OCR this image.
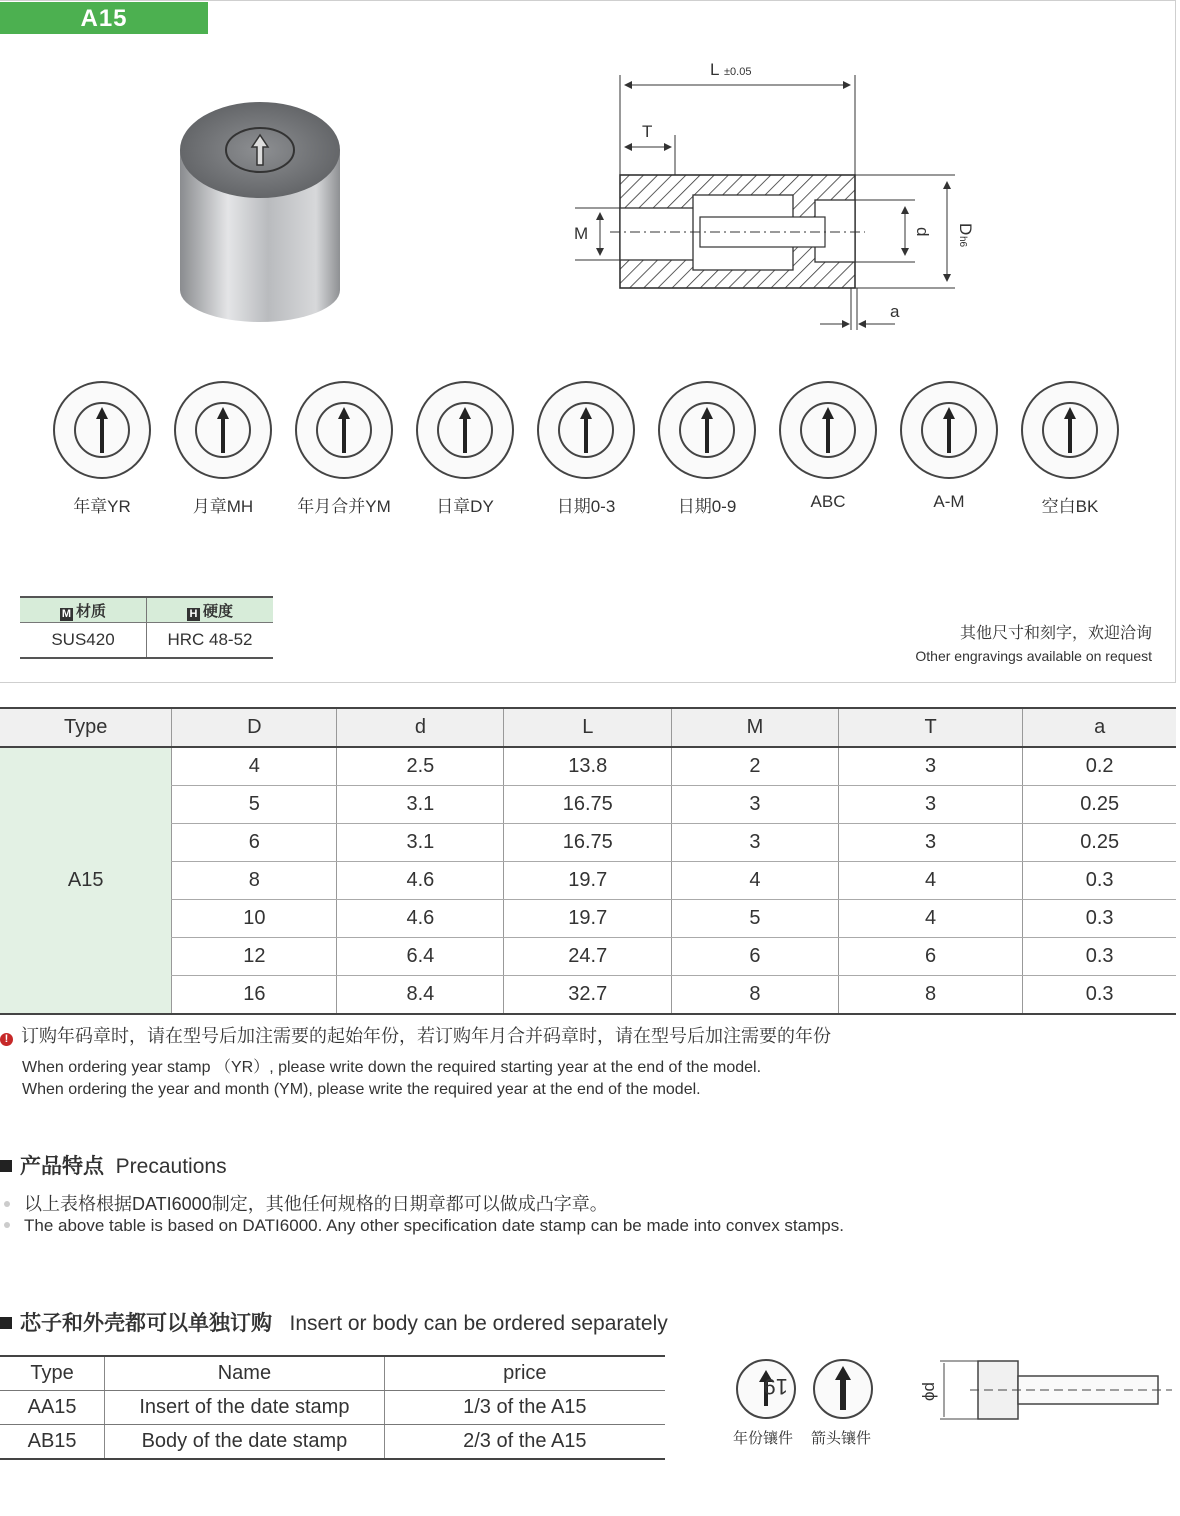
A15
L ±0.05
T
M
a
d D
h6
年章YR	月章MH	年月合并YM	日章DY	日期0-3	日期0-9	ABC	A-M	空白BK
M 材质	H 硬度
SUS420	HRC 48-52	其他尺寸和刻字，欢迎洽询
Other engravings available on request
Type	D	d	L	M	T	a
A15	4	2.5	13.8	2	3	0.2
	5	3.1	16.75	3	3	0.25
	6	3.1	16.75	3	3	0.25
	8	4.6	19.7	4	4	0.3
	10	4.6	19.7	5	4	0.3
	12	6.4	24.7	6	6	0.3
	16	8.4	32.7	8	8	0.3
! 订购年码章时，请在型号后加注需要的起始年份，若订购年月合并码章时，请在型号后加注需要的年份
When ordering year stamp （YR）, please write down the required starting year at the end of the model.
When ordering the year and month (YM), please write the required year at the end of the model.
产品特点 Precautions
以上表格根据DATI6000制定，其他任何规格的日期章都可以做成凸字章。
The above table is based on DATI6000. Any other specification date stamp can be made into convex stamps.
芯子和外壳都可以单独订购 Insert or body can be ordered separately
Type	Name	price
AA15	Insert of the date stamp	1/3 of the A15
AB15	Body of the date stamp	2/3 of the A15
19
年份镶件 箭头镶件
ϕd
